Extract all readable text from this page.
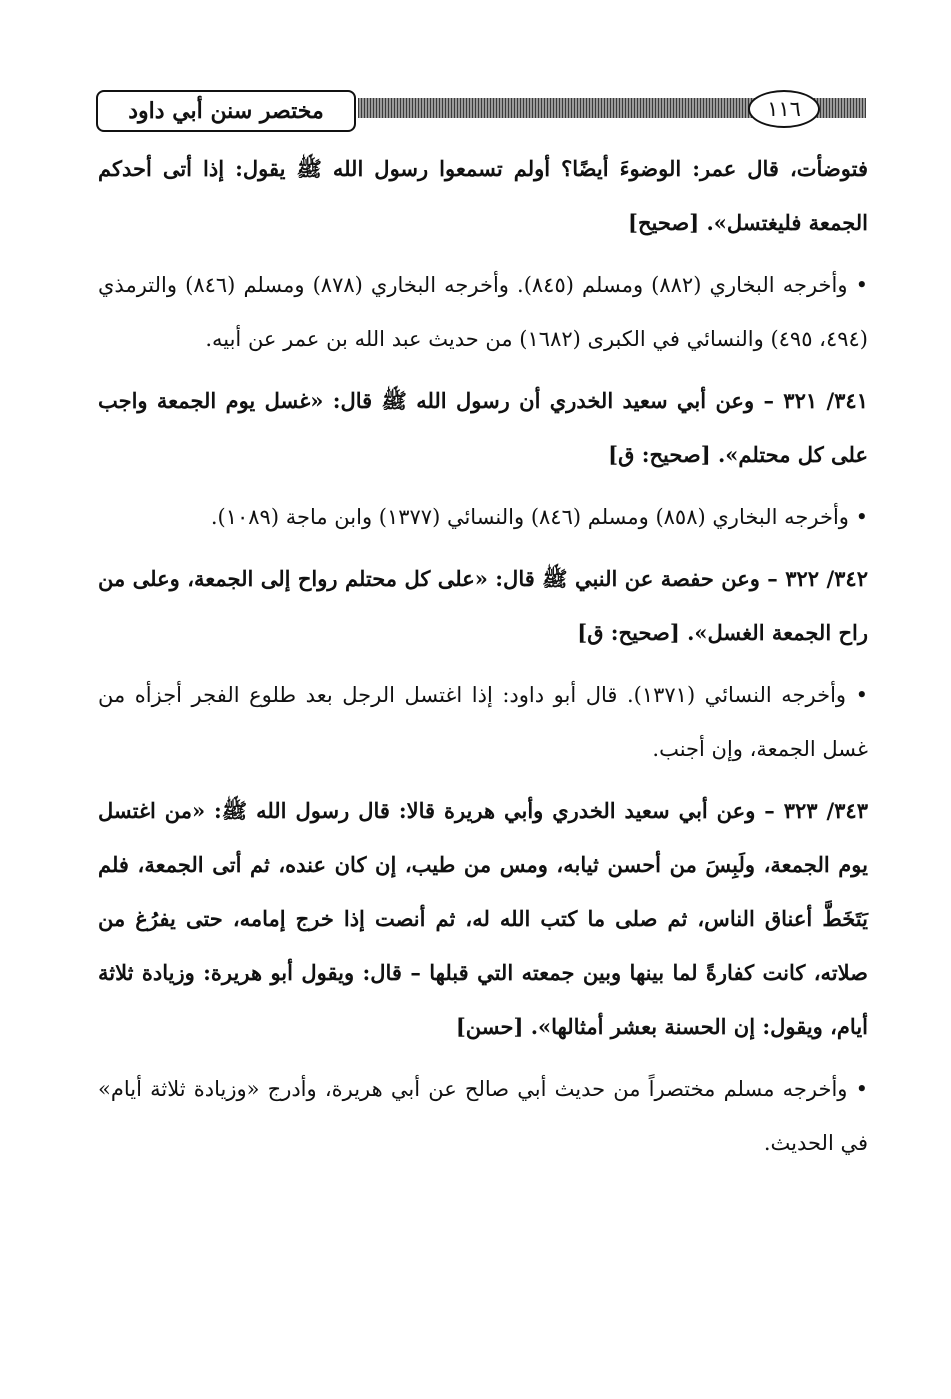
مختصر سنن أبي داود	١١٦

فتوضأت، قال عمر: الوضوءَ أيضًا؟ أولم تسمعوا رسول الله ﷺ يقول: إذا أتى أحدكم الجمعة فليغتسل». [صحيح]

• وأخرجه البخاري (٨٨٢) ومسلم (٨٤٥). وأخرجه البخاري (٨٧٨) ومسلم (٨٤٦) والترمذي (٤٩٤، ٤٩٥) والنسائي في الكبرى (١٦٨٢) من حديث عبد الله بن عمر عن أبيه.

٣٤١/ ٣٢١ – وعن أبي سعيد الخدري أن رسول الله ﷺ قال: «غسل يوم الجمعة واجب على كل محتلم». [صحيح: ق]

• وأخرجه البخاري (٨٥٨) ومسلم (٨٤٦) والنسائي (١٣٧٧) وابن ماجة (١٠٨٩).

٣٤٢/ ٣٢٢ – وعن حفصة عن النبي ﷺ قال: «على كل محتلم رواح إلى الجمعة، وعلى من راح الجمعة الغسل». [صحيح: ق]

• وأخرجه النسائي (١٣٧١). قال أبو داود: إذا اغتسل الرجل بعد طلوع الفجر أجزأه من غسل الجمعة، وإن أجنب.

٣٤٣/ ٣٢٣ – وعن أبي سعيد الخدري وأبي هريرة قالا: قال رسول الله ﷺ: «من اغتسل يوم الجمعة، ولَبِسَ من أحسن ثيابه، ومس من طيب، إن كان عنده، ثم أتى الجمعة، فلم يَتَخَطَّ أعناق الناس، ثم صلى ما كتب الله له، ثم أنصت إذا خرج إمامه، حتى يفرُغ من صلاته، كانت كفارةً لما بينها وبين جمعته التي قبلها – قال: ويقول أبو هريرة: وزيادة ثلاثة أيام، ويقول: إن الحسنة بعشر أمثالها». [حسن]

• وأخرجه مسلم مختصراً من حديث أبي صالح عن أبي هريرة، وأدرج «وزيادة ثلاثة أيام» في الحديث.
